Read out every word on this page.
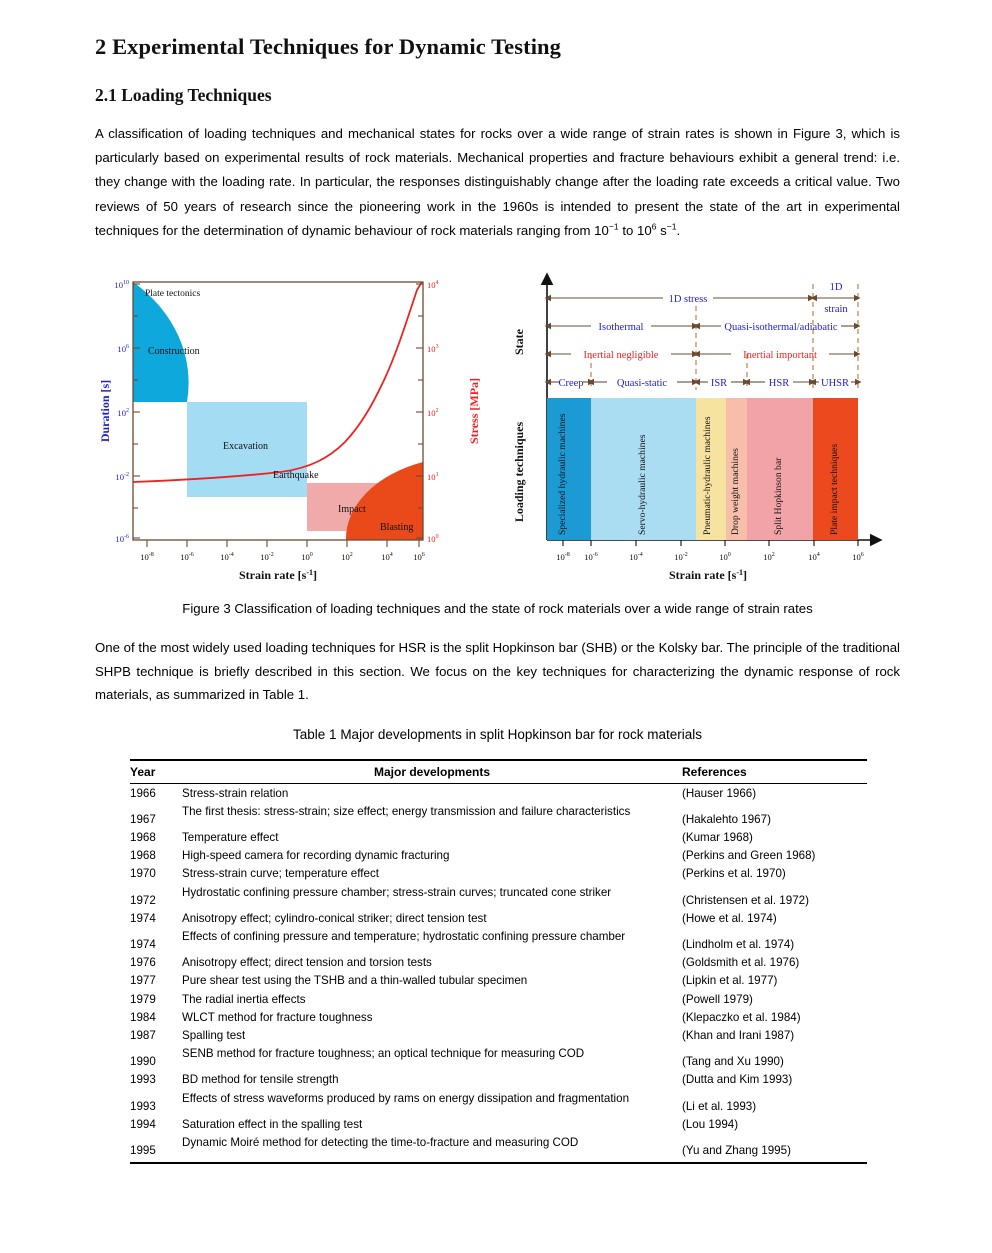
2 Experimental Techniques for Dynamic Testing
2.1 Loading Techniques
A classification of loading techniques and mechanical states for rocks over a wide range of strain rates is shown in Figure 3, which is particularly based on experimental results of rock materials. Mechanical properties and fracture behaviours exhibit a general trend: i.e. they change with the loading rate. In particular, the responses distinguishably change after the loading rate exceeds a critical value. Two reviews of 50 years of research since the pioneering work in the 1960s is intended to present the state of the art in experimental techniques for the determination of dynamic behaviour of rock materials ranging from $10^{-1}$ to $10^6$ $s^{-1}$.
Plate tectonics
Construction
Excavation
Earthquake
Impact
Blasting
$10^{10}$
$10^6$
$10^2$
$10^{-2}$
$10^{-6}$
Duration [s]
$10^4$
$10^3$
$10^2$
$10^1$
$10^0$
Stress [MPa]
$10^{-8}$	$10^{-6}$	$10^{-4}$	$10^{-2}$	$10^0$	$10^2$	$10^4$ $10^6$
Strain rate $[s^{-1}]$
1D stress
1D
strain
Isothermal	Quasi-isothermal/adiabatic
Inertial negligible	Inertial important
Creep	Quasi-static	ISR	HSR	UHSR
State
Specialized hydraulic machines	Servo-hydraulic machines	Pneumatic-hydraulic machines Drop weight machines	Split Hopkinson bar	Plate impact techniques
Loading techniques
$10^{-8}$ $10^{-6}$	$10^{-4}$	$10^{-2}$	$10^0$	$10^2$	$10^4$	$10^6$
Strain rate $[s^{-1}]$
Figure 3 Classification of loading techniques and the state of rock materials over a wide range of strain rates
One of the most widely used loading techniques for HSR is the split Hopkinson bar (SHB) or the Kolsky bar. The principle of the traditional SHPB technique is briefly described in this section. We focus on the key techniques for characterizing the dynamic response of rock materials, as summarized in Table 1.
Table 1 Major developments in split Hopkinson bar for rock materials

Year	Major developments	References
1966	Stress-strain relation	(Hauser 1966)
1967	The first thesis: stress-strain; size effect; energy transmission and failure characteristics	(Hakalehto 1967)
1968	Temperature effect	(Kumar 1968)
1968	High-speed camera for recording dynamic fracturing	(Perkins and Green 1968)
1970	Stress-strain curve; temperature effect	(Perkins et al. 1970)
1972	Hydrostatic confining pressure chamber; stress-strain curves; truncated cone striker	(Christensen et al. 1972)
1974	Anisotropy effect; cylindro-conical striker; direct tension test	(Howe et al. 1974)
1974	Effects of confining pressure and temperature; hydrostatic confining pressure chamber	(Lindholm et al. 1974)
1976	Anisotropy effect; direct tension and torsion tests	(Goldsmith et al. 1976)
1977	Pure shear test using the TSHB and a thin-walled tubular specimen	(Lipkin et al. 1977)
1979	The radial inertia effects	(Powell 1979)
1984	WLCT method for fracture toughness	(Klepaczko et al. 1984)
1987	Spalling test	(Khan and Irani 1987)
1990	SENB method for fracture toughness; an optical technique for measuring COD	(Tang and Xu 1990)
1993	BD method for tensile strength	(Dutta and Kim 1993)
1993	Effects of stress waveforms produced by rams on energy dissipation and fragmentation	(Li et al. 1993)
1994	Saturation effect in the spalling test	(Lou 1994)
1995	Dynamic Moiré method for detecting the time-to-fracture and measuring COD	(Yu and Zhang 1995)
